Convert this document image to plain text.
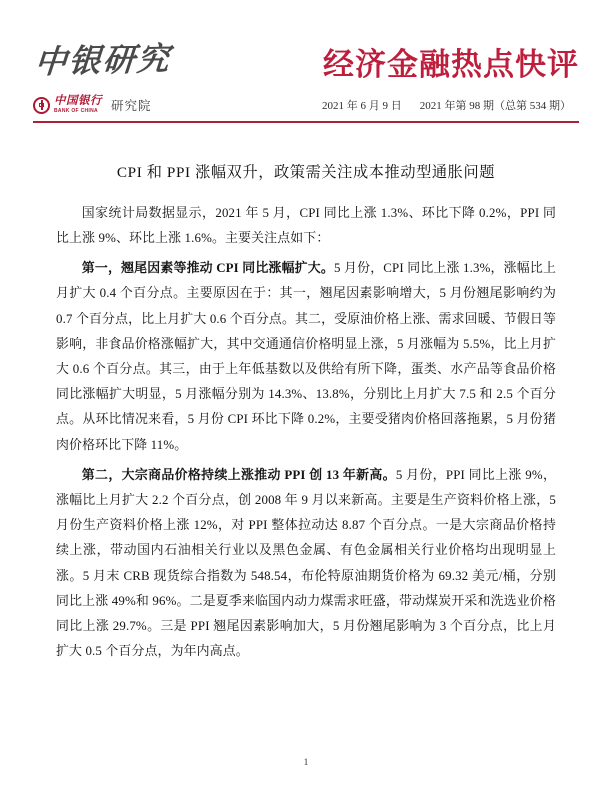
中银研究	经济金融热点快评
中国银行
BANK OF CHINA	研究院	2021 年 6 月 9 日 2021 年第 98 期（总第 534 期）
CPI 和 PPI 涨幅双升，政策需关注成本推动型通胀问题

国家统计局数据显示，2021 年 5 月，CPI 同比上涨 1.3%、环比下降 0.2%，PPI 同比上涨 9%、环比上涨 1.6%。主要关注点如下：

第一，翘尾因素等推动 CPI 同比涨幅扩大。5 月份，CPI 同比上涨 1.3%，涨幅比上月扩大 0.4 个百分点。主要原因在于：其一，翘尾因素影响增大，5 月份翘尾影响约为 0.7 个百分点，比上月扩大 0.6 个百分点。其二，受原油价格上涨、需求回暖、节假日等影响，非食品价格涨幅扩大，其中交通通信价格明显上涨，5 月涨幅为 5.5%，比上月扩大 0.6 个百分点。其三，由于上年低基数以及供给有所下降，蛋类、水产品等食品价格同比涨幅扩大明显，5 月涨幅分别为 14.3%、13.8%，分别比上月扩大 7.5 和 2.5 个百分点。从环比情况来看，5 月份 CPI 环比下降 0.2%，主要受猪肉价格回落拖累，5 月份猪肉价格环比下降 11%。

第二，大宗商品价格持续上涨推动 PPI 创 13 年新高。5 月份，PPI 同比上涨 9%，涨幅比上月扩大 2.2 个百分点，创 2008 年 9 月以来新高。主要是生产资料价格上涨，5 月份生产资料价格上涨 12%，对 PPI 整体拉动达 8.87 个百分点。一是大宗商品价格持续上涨，带动国内石油相关行业以及黑色金属、有色金属相关行业价格均出现明显上涨。5 月末 CRB 现货综合指数为 548.54，布伦特原油期货价格为 69.32 美元/桶，分别同比上涨 49%和 96%。二是夏季来临国内动力煤需求旺盛，带动煤炭开采和洗选业价格同比上涨 29.7%。三是 PPI 翘尾因素影响加大，5 月份翘尾影响为 3 个百分点，比上月扩大 0.5 个百分点，为年内高点。

1
